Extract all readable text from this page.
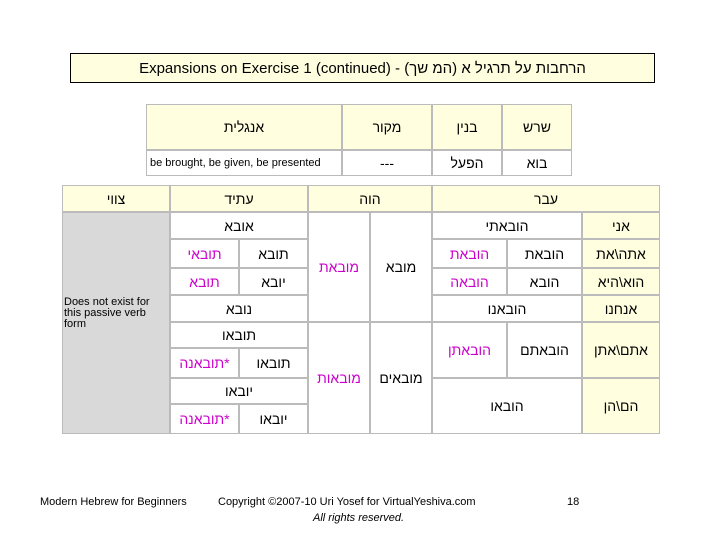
Expansions on Exercise 1 (continued) - (הרחבות על תרגיל א (המ שך
שרש
בנין
מקור
אנגלית
בוא
הפעל
---
be brought, be given, be presented
עבר
הוה
עתיד
צווי
אני
אתה\את
הוא\היא
אנחנו
אתם\אתן
הם\הן
הובאתי
הובאת
הובאת
הובא
הובאה
הובאנו
הובאתם
הובאתן
הובאו
מובא
מובאת
מובאים
מובאות
אובא
תובא
תובאי
יובא
תובא
נובא
תובאו
תובאו
תובאנה*
יובאו
יובאו
תובאנה*
Does not exist for this passive verb form
Modern Hebrew for Beginners	Copyright ©2007-10 Uri Yosef for VirtualYeshiva.com
All rights reserved.
18
